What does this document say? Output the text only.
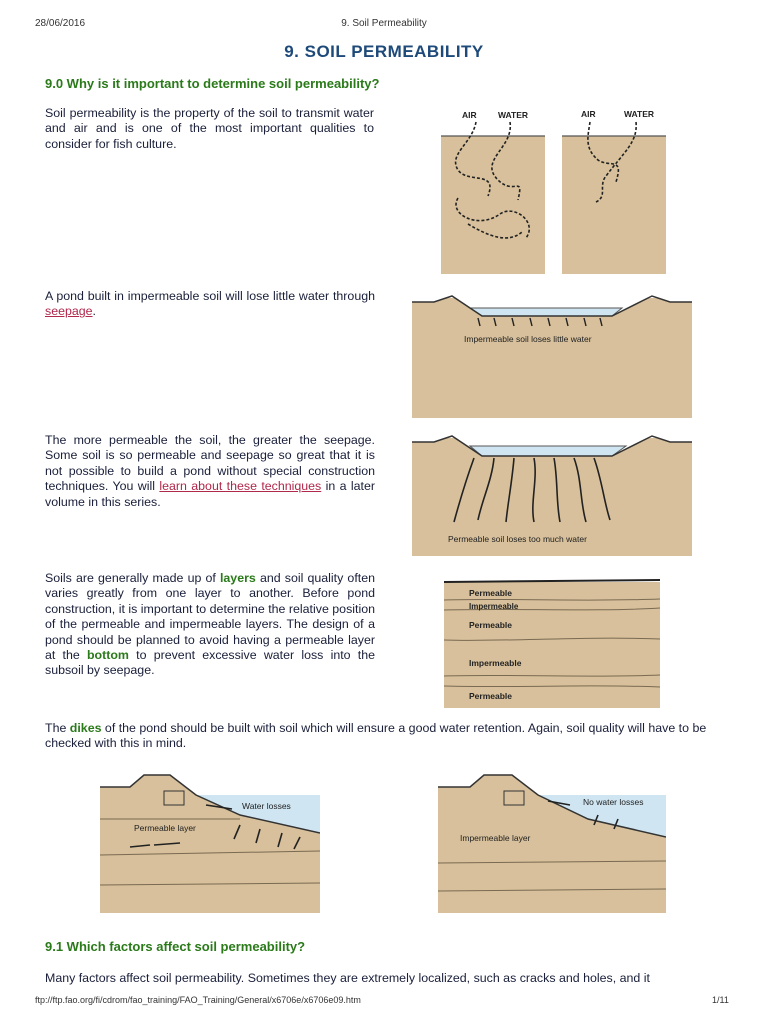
28/06/2016	9. Soil Permeability
9. SOIL PERMEABILITY
9.0 Why is it important to determine soil permeability?
Soil permeability is the property of the soil to transmit water and air and is one of the most important qualities to consider for fish culture.
AIR	WATER	AIR	WATER
A pond built in impermeable soil will lose little water through seepage.
Impermeable soil loses little water
The more permeable the soil, the greater the seepage. Some soil is so permeable and seepage so great that it is not possible to build a pond without special construction techniques. You will learn about these techniques in a later volume in this series.
Permeable soil loses too much water
Soils are generally made up of layers and soil quality often varies greatly from one layer to another. Before pond construction, it is important to determine the relative position of the permeable and impermeable layers. The design of a pond should be planned to avoid having a permeable layer at the bottom to prevent excessive water loss into the subsoil by seepage.
Permeable
Impermeable
Permeable
Impermeable
Permeable
The dikes of the pond should be built with soil which will ensure a good water retention. Again, soil quality will have to be checked with this in mind.
Water losses
Permeable layer
No water losses
Impermeable layer
9.1 Which factors affect soil permeability?
Many factors affect soil permeability. Sometimes they are extremely localized, such as cracks and holes, and it
ftp://ftp.fao.org/fi/cdrom/fao_training/FAO_Training/General/x6706e/x6706e09.htm	1/11
